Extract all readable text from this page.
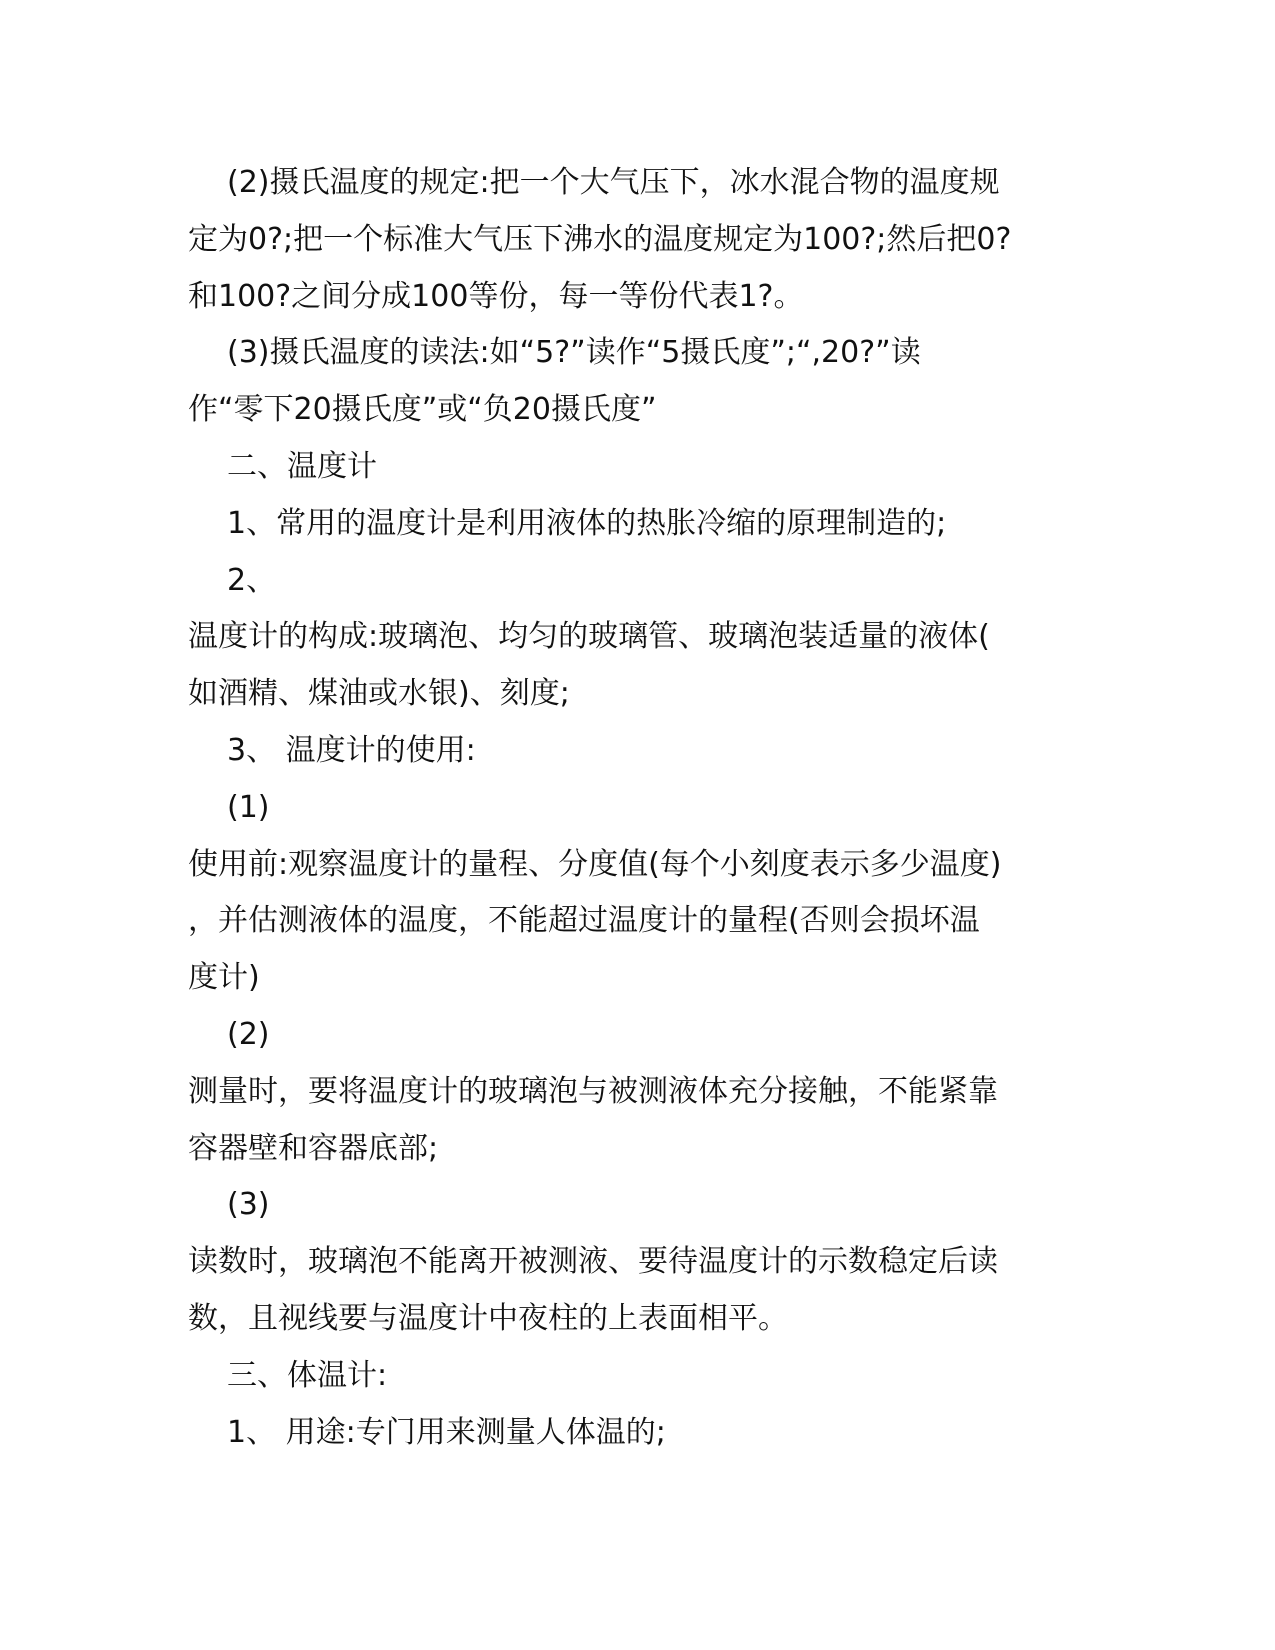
(2)摄氏温度的规定:把一个大气压下，冰水混合物的温度规
定为0?;把一个标准大气压下沸水的温度规定为100?;然后把0?
和100?之间分成100等份，每一等份代表1?。
(3)摄氏温度的读法:如“5?”读作“5摄氏度”;“,20?”读
作“零下20摄氏度”或“负20摄氏度”
二、温度计
1、常用的温度计是利用液体的热胀冷缩的原理制造的;
2、
温度计的构成:玻璃泡、均匀的玻璃管、玻璃泡装适量的液体(
如酒精、煤油或水银)、刻度;
3、 温度计的使用:
(1)
使用前:观察温度计的量程、分度值(每个小刻度表示多少温度)
，并估测液体的温度，不能超过温度计的量程(否则会损坏温
度计)
(2)
测量时，要将温度计的玻璃泡与被测液体充分接触，不能紧靠
容器壁和容器底部;
(3)
读数时，玻璃泡不能离开被测液、要待温度计的示数稳定后读
数，且视线要与温度计中夜柱的上表面相平。
三、体温计:
1、 用途:专门用来测量人体温的;
